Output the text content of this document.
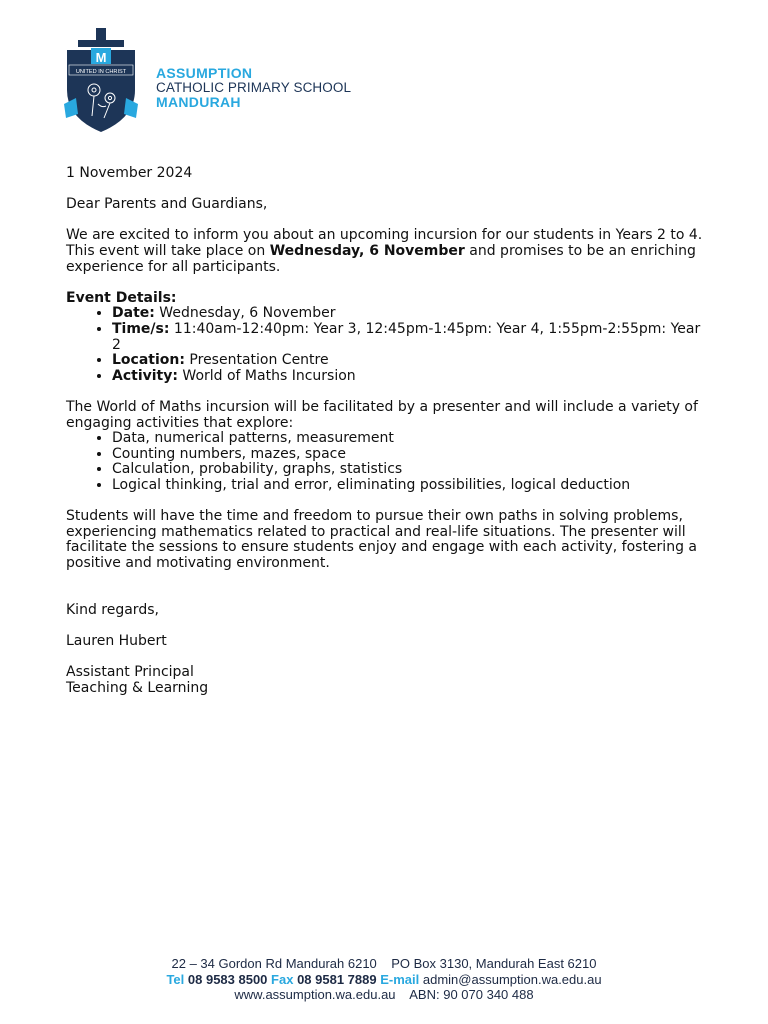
M
UNITED IN CHRIST ASSUMPTION
CATHOLIC PRIMARY SCHOOL
MANDURAH

1 November 2024

Dear Parents and Guardians,

We are excited to inform you about an upcoming incursion for our students in Years 2 to 4. This event will take place on Wednesday, 6 November and promises to be an enriching experience for all participants.

Event Details:

• Date: Wednesday, 6 November
• Time/s: 11:40am-12:40pm: Year 3, 12:45pm-1:45pm: Year 4, 1:55pm-2:55pm: Year 2
• Location: Presentation Centre
• Activity: World of Maths Incursion

The World of Maths incursion will be facilitated by a presenter and will include a variety of engaging activities that explore:

• Data, numerical patterns, measurement
• Counting numbers, mazes, space
• Calculation, probability, graphs, statistics
• Logical thinking, trial and error, eliminating possibilities, logical deduction

Students will have the time and freedom to pursue their own paths in solving problems, experiencing mathematics related to practical and real-life situations. The presenter will facilitate the sessions to ensure students enjoy and engage with each activity, fostering a positive and motivating environment.

Kind regards,

Lauren Hubert

Assistant Principal

Teaching & Learning

22 – 34 Gordon Rd Mandurah 6210    PO Box 3130, Mandurah East 6210
Tel 08 9583 8500 Fax 08 9581 7889 E-mail admin@assumption.wa.edu.au
www.assumption.wa.edu.au    ABN: 90 070 340 488
